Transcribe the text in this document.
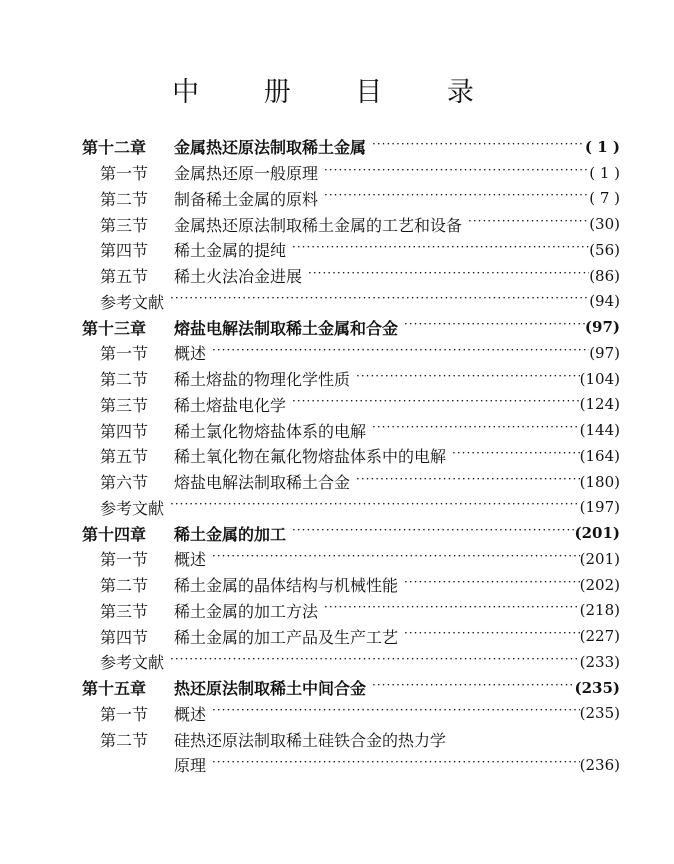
中 册 目 录
第十二章	金属热还原法制取稀土金属 ·····	( 1 )
第一节	金属热还原一般原理 ·····	( 1 )
第二节	制备稀土金属的原料 ·····	( 7 )
第三节	金属热还原法制取稀土金属的工艺和设备 ·····	(30)
第四节	稀土金属的提纯 ·····	(56)
第五节	稀土火法冶金进展 ·····	(86)
参考文献 ·····	(94)
第十三章	熔盐电解法制取稀土金属和合金 ·····	(97)
第一节	概述 ·····	(97)
第二节	稀土熔盐的物理化学性质 ·····	(104)
第三节	稀土熔盐电化学 ·····	(124)
第四节	稀土氯化物熔盐体系的电解 ·····	(144)
第五节	稀土氧化物在氟化物熔盐体系中的电解 ·····	(164)
第六节	熔盐电解法制取稀土合金 ·····	(180)
参考文献 ·····	(197)
第十四章	稀土金属的加工 ·····	(201)
第一节	概述 ·····	(201)
第二节	稀土金属的晶体结构与机械性能 ·····	(202)
第三节	稀土金属的加工方法 ·····	(218)
第四节	稀土金属的加工产品及生产工艺 ·····	(227)
参考文献 ·····	(233)
第十五章	热还原法制取稀土中间合金 ·····	(235)
第一节	概述 ·····	(235)
第二节	硅热还原法制取稀土硅铁合金的热力学
原理 ·····	(236)
